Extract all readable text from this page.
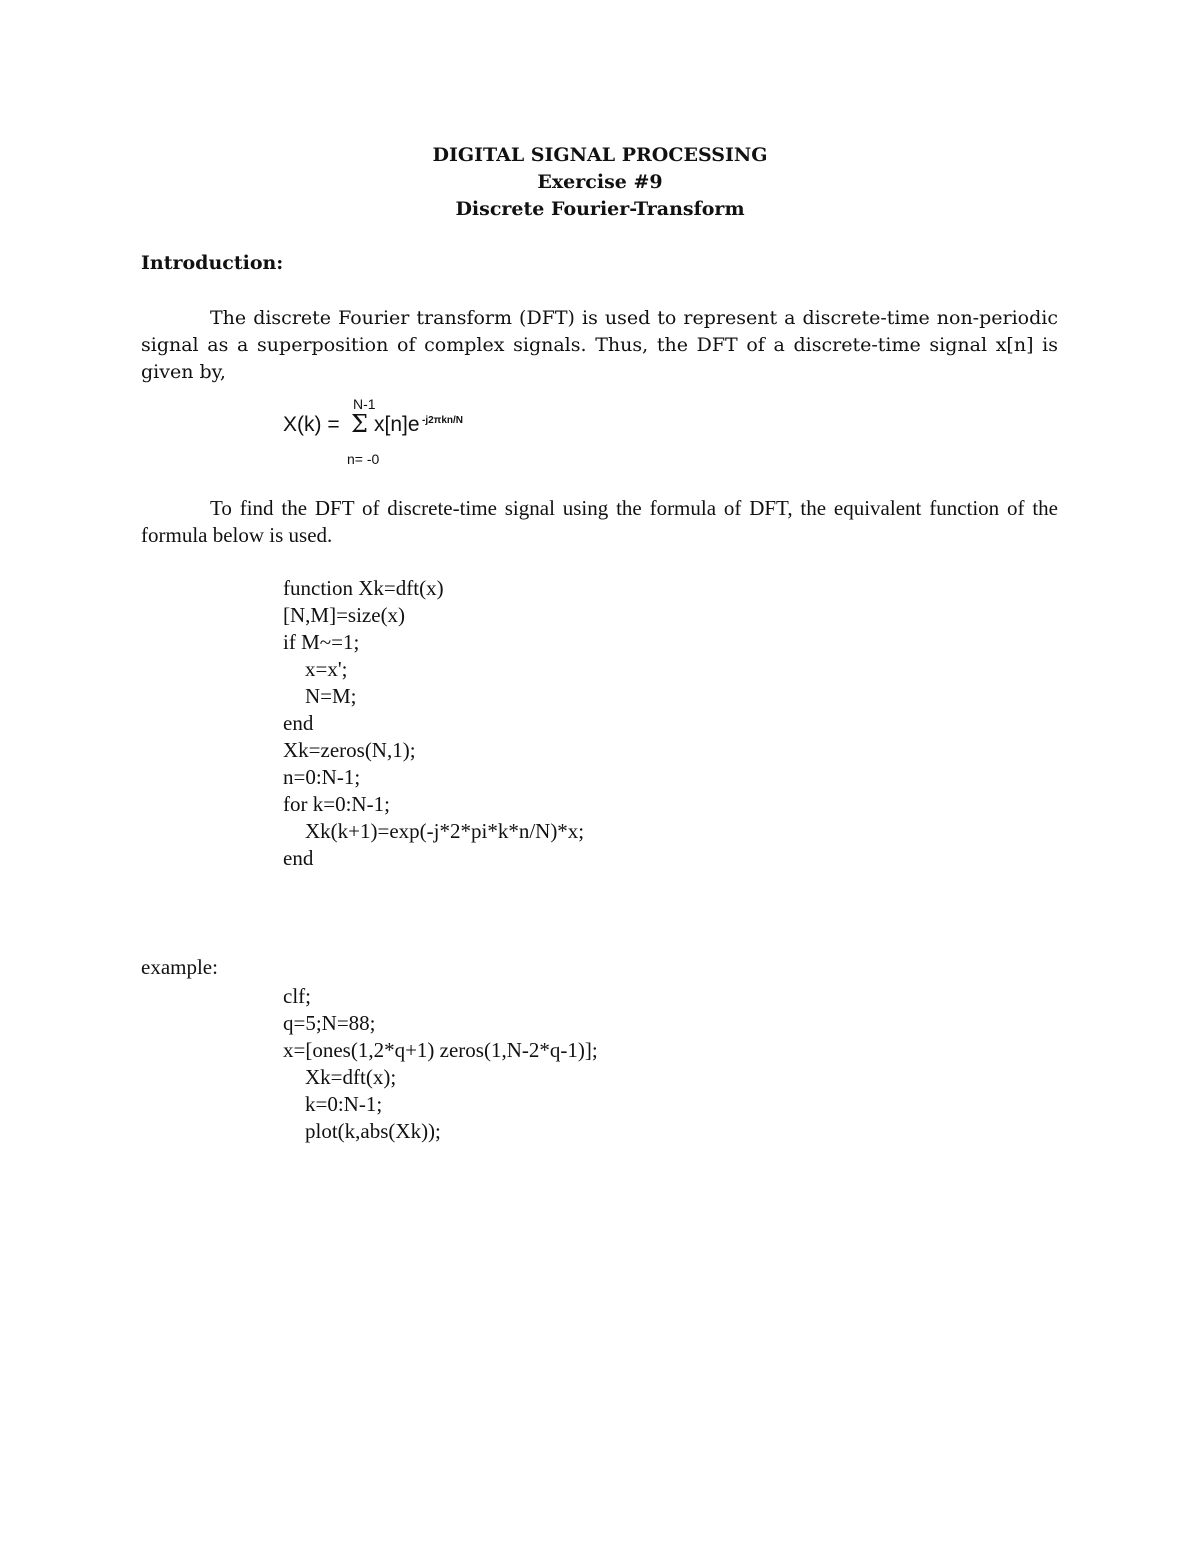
DIGITAL SIGNAL PROCESSING
Exercise #9
Discrete Fourier-Transform
Introduction:
The discrete Fourier transform (DFT) is used to represent a discrete-time non-periodic signal as a superposition of complex signals. Thus, the DFT of a discrete-time signal x[n] is given by,
X(k) =
N-1
Σ x[n]e -j2πkn/N
n= -0
To find the DFT of discrete-time signal using the formula of DFT, the equivalent function of the formula below is used.
function Xk=dft(x)
[N,M]=size(x)
if M~=1;
x=x';
N=M;
end
Xk=zeros(N,1);
n=0:N-1;
for k=0:N-1;
Xk(k+1)=exp(-j*2*pi*k*n/N)*x;
end
example:
clf;
q=5;N=88;
x=[ones(1,2*q+1) zeros(1,N-2*q-1)];
Xk=dft(x);
k=0:N-1;
plot(k,abs(Xk));
